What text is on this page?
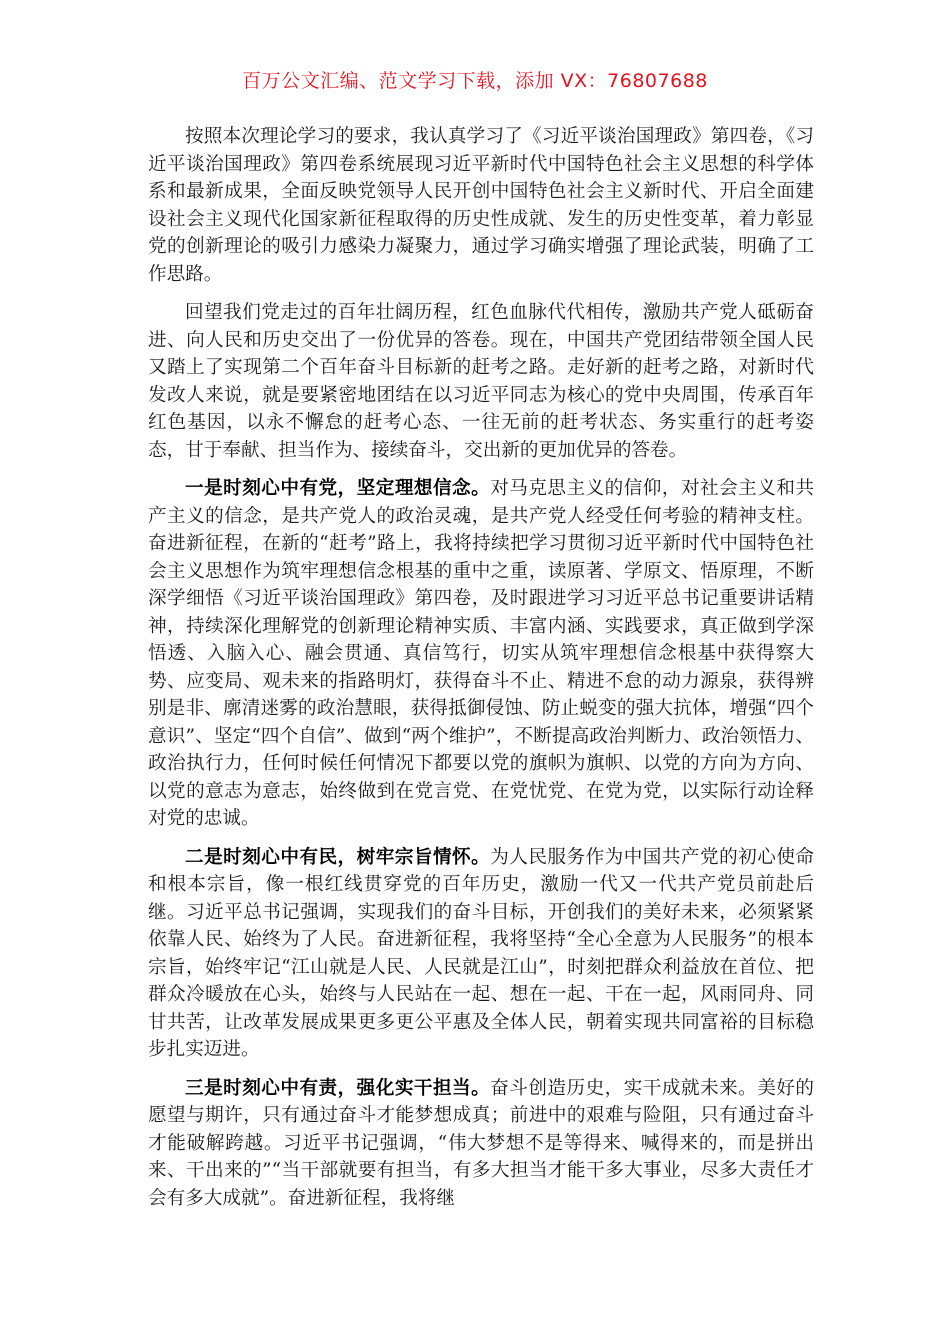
百万公文汇编、范文学习下载，添加 VX：76807688

按照本次理论学习的要求，我认真学习了《习近平谈治国理政》第四卷，《习近平谈治国理政》第四卷系统展现习近平新时代中国特色社会主义思想的科学体系和最新成果，全面反映党领导人民开创中国特色社会主义新时代、开启全面建设社会主义现代化国家新征程取得的历史性成就、发生的历史性变革，着力彰显党的创新理论的吸引力感染力凝聚力，通过学习确实增强了理论武装，明确了工作思路。

回望我们党走过的百年壮阔历程，红色血脉代代相传，激励共产党人砥砺奋进、向人民和历史交出了一份优异的答卷。现在，中国共产党团结带领全国人民又踏上了实现第二个百年奋斗目标新的赶考之路。走好新的赶考之路，对新时代发改人来说，就是要紧密地团结在以习近平同志为核心的党中央周围，传承百年红色基因，以永不懈怠的赶考心态、一往无前的赶考状态、务实重行的赶考姿态，甘于奉献、担当作为、接续奋斗，交出新的更加优异的答卷。

一是时刻心中有党，坚定理想信念。对马克思主义的信仰，对社会主义和共产主义的信念，是共产党人的政治灵魂，是共产党人经受任何考验的精神支柱。奋进新征程，在新的“赶考”路上，我将持续把学习贯彻习近平新时代中国特色社会主义思想作为筑牢理想信念根基的重中之重，读原著、学原文、悟原理，不断深学细悟《习近平谈治国理政》第四卷，及时跟进学习习近平总书记重要讲话精神，持续深化理解党的创新理论精神实质、丰富内涵、实践要求，真正做到学深悟透、入脑入心、融会贯通、真信笃行，切实从筑牢理想信念根基中获得察大势、应变局、观未来的指路明灯，获得奋斗不止、精进不怠的动力源泉，获得辨别是非、廓清迷雾的政治慧眼，获得抵御侵蚀、防止蜕变的强大抗体，增强“四个意识”、坚定“四个自信”、做到“两个维护”，不断提高政治判断力、政治领悟力、政治执行力，任何时候任何情况下都要以党的旗帜为旗帜、以党的方向为方向、以党的意志为意志，始终做到在党言党、在党忧党、在党为党，以实际行动诠释对党的忠诚。

二是时刻心中有民，树牢宗旨情怀。为人民服务作为中国共产党的初心使命和根本宗旨，像一根红线贯穿党的百年历史，激励一代又一代共产党员前赴后继。习近平总书记强调，实现我们的奋斗目标，开创我们的美好未来，必须紧紧依靠人民、始终为了人民。奋进新征程，我将坚持“全心全意为人民服务”的根本宗旨，始终牢记“江山就是人民、人民就是江山”，时刻把群众利益放在首位、把群众冷暖放在心头，始终与人民站在一起、想在一起、干在一起，风雨同舟、同甘共苦，让改革发展成果更多更公平惠及全体人民，朝着实现共同富裕的目标稳步扎实迈进。

三是时刻心中有责，强化实干担当。奋斗创造历史，实干成就未来。美好的愿望与期许，只有通过奋斗才能梦想成真；前进中的艰难与险阻，只有通过奋斗才能破解跨越。习近平书记强调，“伟大梦想不是等得来、喊得来的，而是拼出来、干出来的”“当干部就要有担当，有多大担当才能干多大事业，尽多大责任才会有多大成就”。奋进新征程，我将继
